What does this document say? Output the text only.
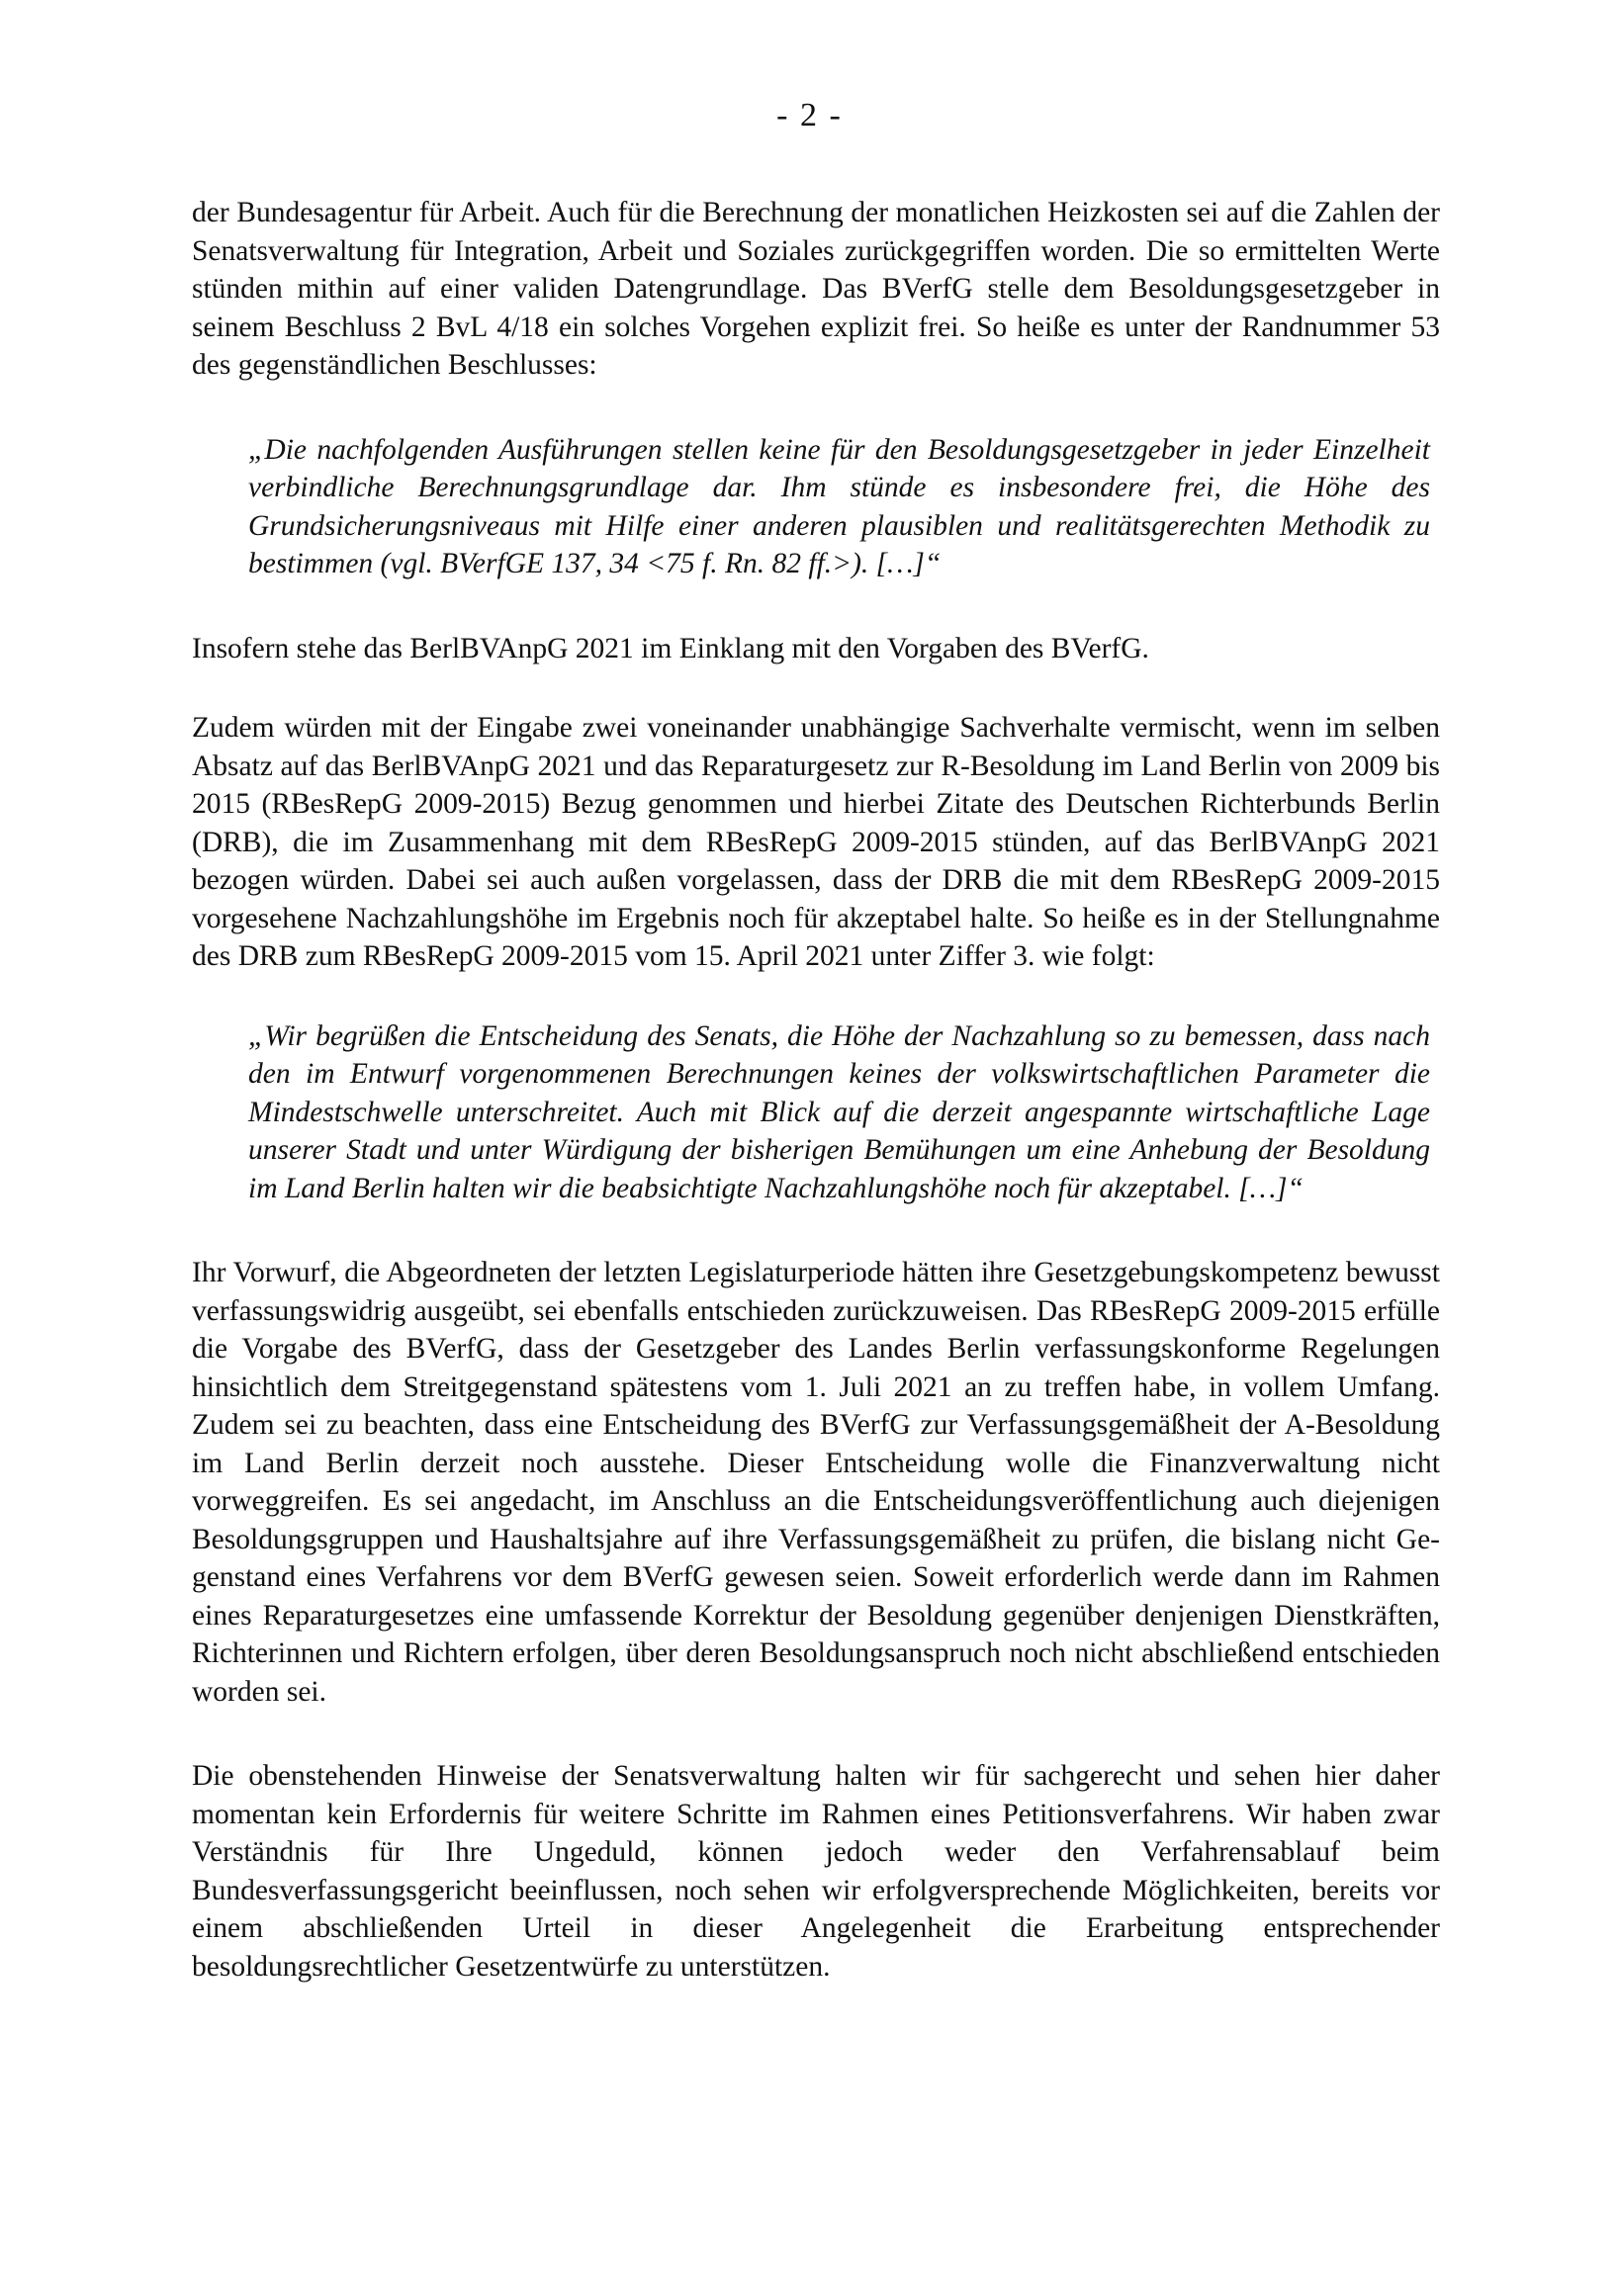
- 2 -

der Bundesagentur für Arbeit. Auch für die Berechnung der monatlichen Heizkosten sei auf die Zahlen der Senatsverwaltung für Integration, Arbeit und Soziales zurückgegriffen worden. Die so ermittelten Werte stünden mithin auf einer validen Datengrundlage. Das BVerfG stelle dem Besoldungsgesetzgeber in seinem Beschluss 2 BvL 4/18 ein solches Vorgehen explizit frei. So heiße es unter der Randnummer 53 des gegenständlichen Beschlusses:

„Die nachfolgenden Ausführungen stellen keine für den Besoldungsgesetzgeber in jeder Einzelheit verbindliche Berechnungsgrundlage dar. Ihm stünde es insbesondere frei, die Höhe des Grundsicherungsniveaus mit Hilfe einer anderen plausiblen und realitätsgerechten Methodik zu bestimmen (vgl. BVerfGE 137, 34 <75 f. Rn. 82 ff.>). […]“

Insofern stehe das BerlBVAnpG 2021 im Einklang mit den Vorgaben des BVerfG.

Zudem würden mit der Eingabe zwei voneinander unabhängige Sachverhalte vermischt, wenn im selben Absatz auf das BerlBVAnpG 2021 und das Reparaturgesetz zur R-Besoldung im Land Berlin von 2009 bis 2015 (RBesRepG 2009-2015) Bezug genommen und hierbei Zitate des Deutschen Richterbunds Berlin (DRB), die im Zusammenhang mit dem RBesRepG 2009-2015 stünden, auf das BerlBVAnpG 2021 bezogen würden. Dabei sei auch außen vorgelassen, dass der DRB die mit dem RBesRepG 2009-2015 vorgesehene Nachzahlungshöhe im Ergebnis noch für akzeptabel halte. So heiße es in der Stellungnahme des DRB zum RBesRepG 2009-2015 vom 15. April 2021 unter Ziffer 3. wie folgt:

„Wir begrüßen die Entscheidung des Senats, die Höhe der Nachzahlung so zu bemessen, dass nach den im Entwurf vorgenommenen Berechnungen keines der volkswirtschaftlichen Parameter die Mindestschwelle unterschreitet. Auch mit Blick auf die derzeit angespannte wirtschaftliche Lage unserer Stadt und unter Würdigung der bisherigen Bemühungen um eine Anhebung der Besoldung im Land Berlin halten wir die beabsichtigte Nachzahlungshöhe noch für akzeptabel. […]“

Ihr Vorwurf, die Abgeordneten der letzten Legislaturperiode hätten ihre Gesetzgebungskompetenz bewusst verfassungswidrig ausgeübt, sei ebenfalls entschieden zurückzuweisen. Das RBesRepG 2009-2015 erfülle die Vorgabe des BVerfG, dass der Gesetzgeber des Landes Berlin verfassungskonforme Regelungen hinsichtlich dem Streitgegenstand spätestens vom 1. Juli 2021 an zu treffen habe, in vollem Umfang. Zudem sei zu beachten, dass eine Entscheidung des BVerfG zur Verfassungsgemäßheit der A-Besoldung im Land Berlin derzeit noch ausstehe. Dieser Entscheidung wolle die Finanzverwaltung nicht vorweggreifen. Es sei angedacht, im Anschluss an die Entscheidungsveröffentlichung auch diejenigen Besoldungsgruppen und Haushaltsjahre auf ihre Verfassungsgemäßheit zu prüfen, die bislang nicht Gegenstand eines Verfahrens vor dem BVerfG gewesen seien. Soweit erforderlich werde dann im Rahmen eines Reparaturgesetzes eine umfassende Korrektur der Besoldung gegenüber denjenigen Dienstkräften, Richterinnen und Richtern erfolgen, über deren Besoldungsanspruch noch nicht abschließend entschieden worden sei.

Die obenstehenden Hinweise der Senatsverwaltung halten wir für sachgerecht und sehen hier daher momentan kein Erfordernis für weitere Schritte im Rahmen eines Petitionsverfahrens. Wir haben zwar Verständnis für Ihre Ungeduld, können jedoch weder den Verfahrensablauf beim Bundesverfassungsgericht beeinflussen, noch sehen wir erfolgversprechende Möglichkeiten, bereits vor einem abschließenden Urteil in dieser Angelegenheit die Erarbeitung entsprechender besoldungsrechtlicher Gesetzentwürfe zu unterstützen.
